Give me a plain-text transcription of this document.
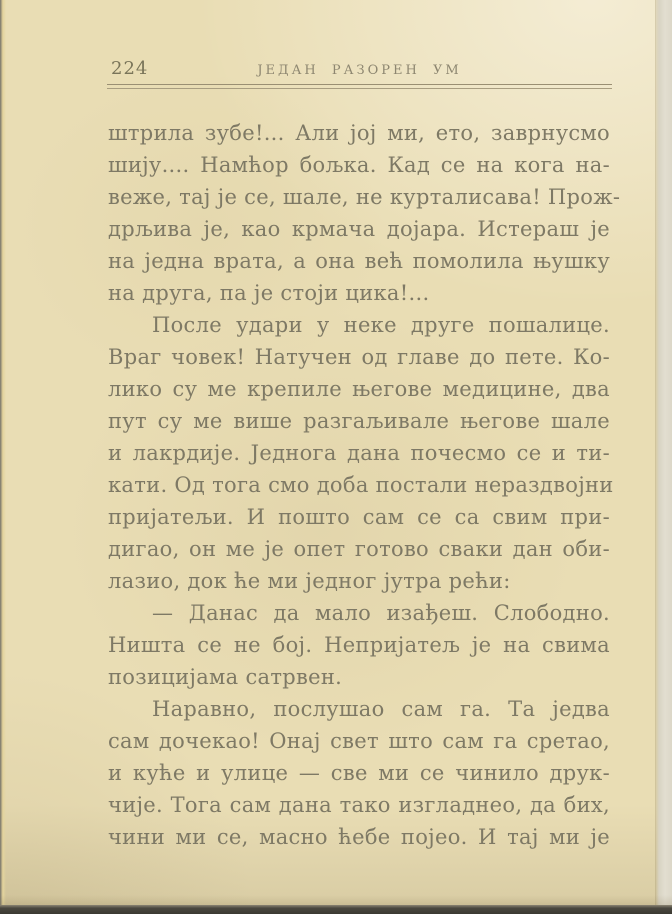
224	ЈЕДАН РАЗОРЕН УМ
штрила зубе!... Али јој ми, ето, заврнусмо
шију.... Намћор бољка. Кад се на кога на-
веже, тај је се, шале, не курталисава! Прож-
дрљива је, као крмача дојара. Истераш је
на једна врата, а она већ помолила њушку
на друга, па је стоји цика!...
После удари у неке друге пошалице.
Враг човек! Натучен од главе до пете. Ко-
лико су ме крепиле његове медицине, два
пут су ме више разгаљивале његове шале
и лакрдије. Једнога дана почесмо се и ти-
кати. Од тога смо доба постали нераздвојни
пријатељи. И пошто сам се са свим при-
дигао, он ме је опет готово сваки дан оби-
лазио, док ће ми једног јутра рећи:
— Данас да мало изађеш. Слободно.
Ништа се не бој. Непријатељ је на свима
позицијама сатрвен.
Наравно, послушао сам га. Та једва
сам дочекао! Онај свет што сам га сретао,
и куће и улице — све ми се чинило друк-
чије. Тога сам дана тако изгладнео, да бих,
чини ми се, масно ћебе појео. И тај ми је
